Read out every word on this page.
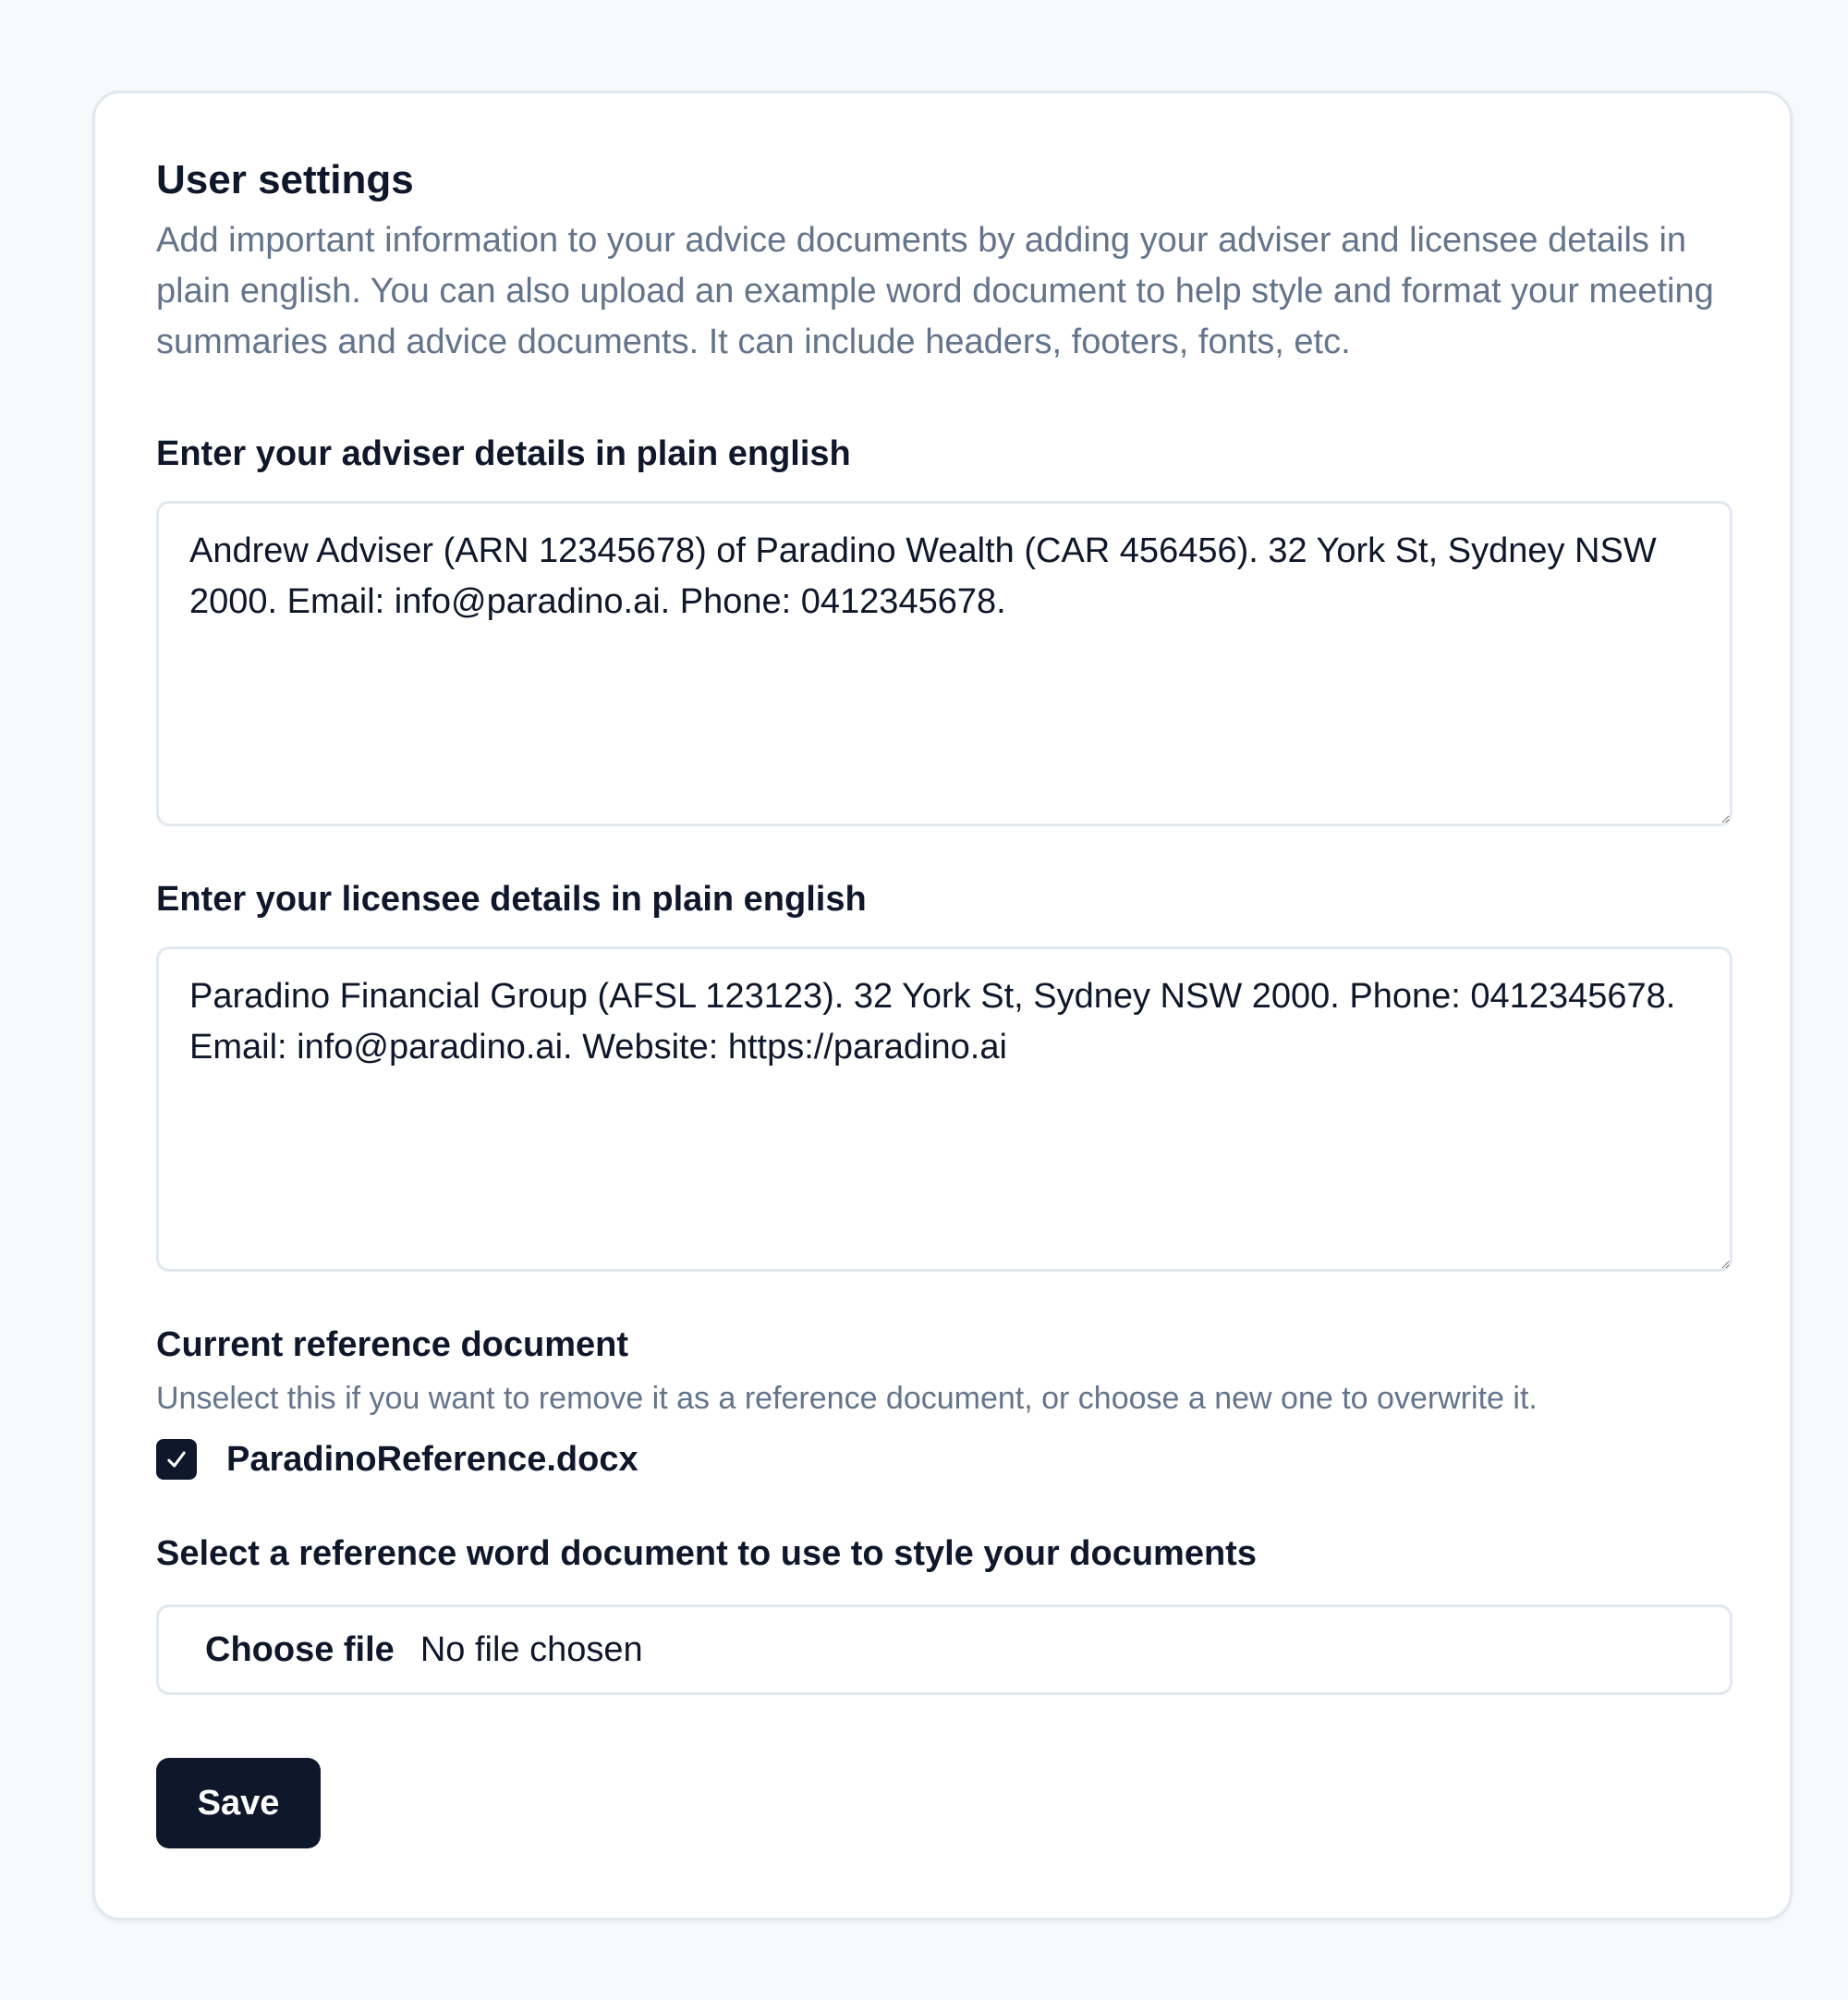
User settings

Add important information to your advice documents by adding your adviser and licensee details in plain english. You can also upload an example word document to help style and format your meeting summaries and advice documents. It can include headers, footers, fonts, etc.

Enter your adviser details in plain english
Andrew Adviser (ARN 12345678) of Paradino Wealth (CAR 456456). 32 York St, Sydney NSW 2000. Email: info@paradino.ai. Phone: 0412345678.
Enter your licensee details in plain english
Paradino Financial Group (AFSL 123123). 32 York St, Sydney NSW 2000. Phone: 0412345678. Email: info@paradino.ai. Website: https://paradino.ai
Current reference document
Unselect this if you want to remove it as a reference document, or choose a new one to overwrite it.
ParadinoReference.docx
Select a reference word document to use to style your documents
Choose file No file chosen
Save
